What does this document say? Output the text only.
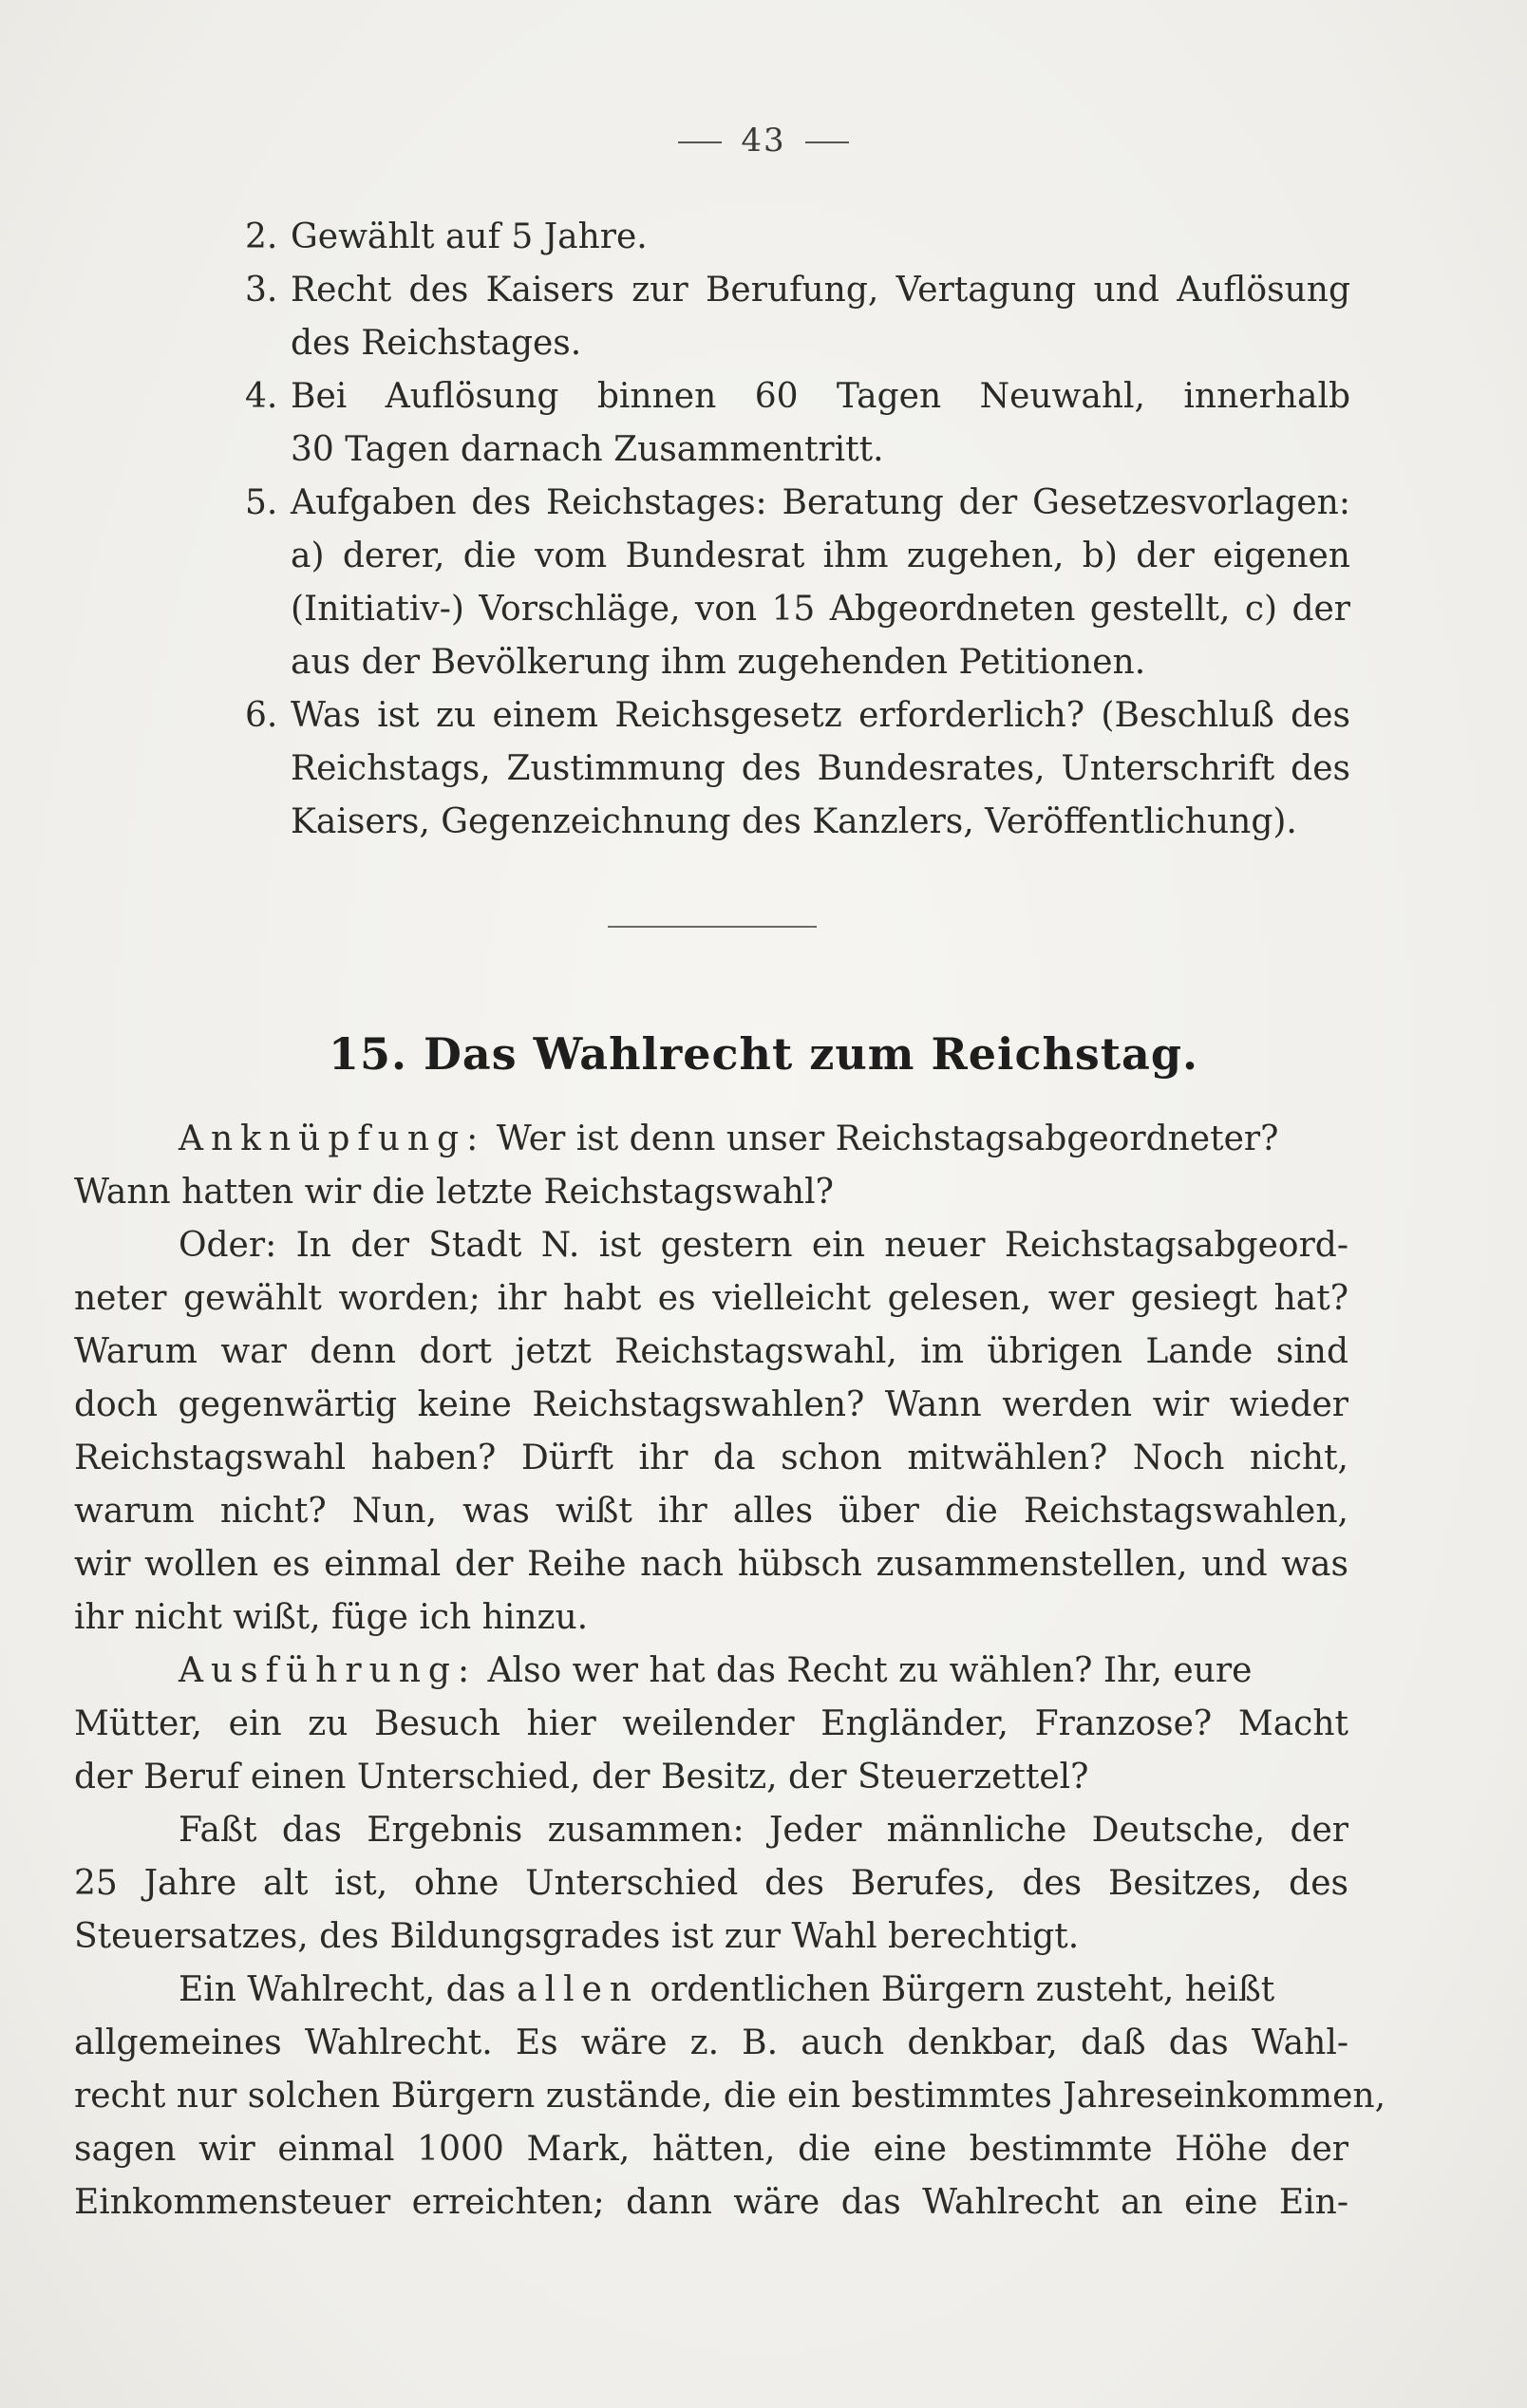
43
2. Gewählt auf 5 Jahre.
3. Recht des Kaisers zur Berufung, Vertagung und Auflösung
des Reichstages.
4. Bei Auflösung binnen 60 Tagen Neuwahl, innerhalb
30 Tagen darnach Zusammentritt.
5. Aufgaben des Reichstages: Beratung der Gesetzesvorlagen:
a) derer, die vom Bundesrat ihm zugehen, b) der eigenen
(Initiativ-) Vorschläge, von 15 Abgeordneten gestellt, c) der
aus der Bevölkerung ihm zugehenden Petitionen.
6. Was ist zu einem Reichsgesetz erforderlich? (Beschluß des
Reichstags, Zustimmung des Bundesrates, Unterschrift des
Kaisers, Gegenzeichnung des Kanzlers, Veröffentlichung).
15. Das Wahlrecht zum Reichstag.
Anknüpfung: Wer ist denn unser Reichstagsabgeordneter?
Wann hatten wir die letzte Reichstagswahl?
Oder: In der Stadt N. ist gestern ein neuer Reichstagsabgeord-
neter gewählt worden; ihr habt es vielleicht gelesen, wer gesiegt hat?
Warum war denn dort jetzt Reichstagswahl, im übrigen Lande sind
doch gegenwärtig keine Reichstagswahlen? Wann werden wir wieder
Reichstagswahl haben? Dürft ihr da schon mitwählen? Noch nicht,
warum nicht? Nun, was wißt ihr alles über die Reichstagswahlen,
wir wollen es einmal der Reihe nach hübsch zusammenstellen, und was
ihr nicht wißt, füge ich hinzu.
Ausführung: Also wer hat das Recht zu wählen? Ihr, eure
Mütter, ein zu Besuch hier weilender Engländer, Franzose? Macht
der Beruf einen Unterschied, der Besitz, der Steuerzettel?
Faßt das Ergebnis zusammen: Jeder männliche Deutsche, der
25 Jahre alt ist, ohne Unterschied des Berufes, des Besitzes, des
Steuersatzes, des Bildungsgrades ist zur Wahl berechtigt.
Ein Wahlrecht, das allen ordentlichen Bürgern zusteht, heißt
allgemeines Wahlrecht. Es wäre z. B. auch denkbar, daß das Wahl-
recht nur solchen Bürgern zustände, die ein bestimmtes Jahreseinkommen,
sagen wir einmal 1000 Mark, hätten, die eine bestimmte Höhe der
Einkommensteuer erreichten; dann wäre das Wahlrecht an eine Ein-
